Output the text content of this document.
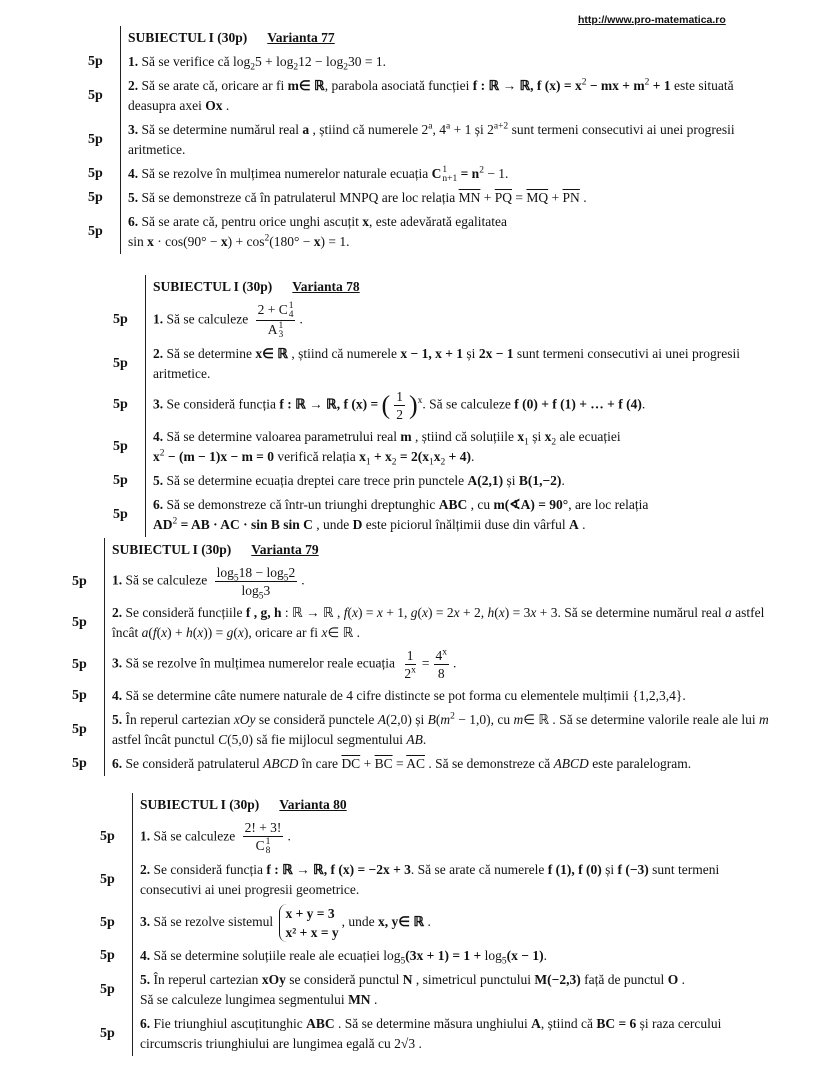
http://www.pro-matematica.ro
SUBIECTUL I (30p) Varianta 77
5p	1. Să se verifice că $\log_25 + \log_212 - \log_230 = 1$.
5p
2. Să se arate că, oricare ar fi m∈ ℝ, parabola asociată funcției f : ℝ → ℝ, f $(x) = x^2$ − mx + $m^2 + 1$ este situată deasupra axei Ox .
5p
3. Să se determine numărul real a , știind că numerele 2$^a$, $4^a + 1$ și $2^{a+2}$ sunt termeni consecutivi ai unei progresii aritmetice.
5p	4. Să se rezolve în mulțimea numerelor naturale ecuația C 1
$n+1 = n^2 - 1$.
5p	5. Să se demonstreze că în patrulaterul MNPQ are loc relația $\overline{MN} + \overline{PQ} = \overline{MQ} + \overline{PN}$ .
5p
6. Să se arate că, pentru orice unghi ascuțit x, este adevărată egalitatea
$\sin x \cdot \cos(90^\circ - x) + \cos^2(180^\circ - x) = 1$.
SUBIECTUL I (30p) Varianta 78
5p	1. Să se calculeze 2 + C 1
4
A 1
3 .
5p
2. Să se determine x∈ ℝ , știind că numerele x − 1, x + 1 și 2x − 1 sunt termeni consecutivi ai unei progresii aritmetice.
5p	3. Se consideră funcția f : ℝ → ℝ, f (x) = ( $\frac{1}{2} )^x$. Să se calculeze f (0) + f (1) + … + f (4).
5p
4. Să se determine valoarea parametrului real m , știind că soluțiile $x_1$ și $x_2$ ale ecuației
$x^2 - (m - 1)x - m = 0$ verifică relația $x_1 + x_2 = 2(x_1x_2 + 4)$.
5p	5. Să se determine ecuația dreptei care trece prin punctele A(2,1) și B(1,−2).
5p
6. Să se demonstreze că într-un triunghi dreptunghic ABC , cu m(∢A) = 90°, are loc relația
$AD^2$ = AB · AC · sin B sin C , unde D este piciorul înălțimii duse din vârful A .
SUBIECTUL I (30p) Varianta 79
5p	1. Să se calculeze $\frac{\log_518 - \log_52}{\log_53}$ .
5p
2. Se consideră funcțiile f , g, h : ℝ → ℝ , f(x) = x + 1, g(x) = 2x + 2, h(x) = 3x + 3. Să se determine numărul real a astfel încât a(f(x) + h(x)) = g(x), oricare ar fi x∈ ℝ .
5p	3. Să se rezolve în mulțimea numerelor reale ecuația $\frac{1}{2^x} = \frac{4^x}{8}$ .
5p	4. Să se determine câte numere naturale de 4 cifre distincte se pot forma cu elementele mulțimii {1,2,3,4}.
5p
5. În reperul cartezian xOy se consideră punctele A(2,0) și $B(m^2 - 1,0)$, cu m∈ ℝ . Să se determine valorile reale ale lui m astfel încât punctul C(5,0) să fie mijlocul segmentului AB.
5p	6. Se consideră patrulaterul ABCD în care $\overline{DC} + \overline{BC} = \overline{AC}$ . Să se demonstreze că ABCD este paralelogram.
SUBIECTUL I (30p) Varianta 80
5p	1. Să se calculeze 2! + 3!
C 1
8 .
5p
2. Se consideră funcția f : ℝ → ℝ, f (x) = −2x + 3. Să se arate că numerele f (1), f (0) și f (−3) sunt termeni consecutivi ai unei progresii geometrice.
5p	3. Să se rezolve sistemul
x + y = 3
x² + x = y
, unde x, y∈ ℝ .
5p	4. Să se determine soluțiile reale ale ecuației $\log_5(3x + 1) = 1 + \log_5(x - 1)$.
5p
5. În reperul cartezian xOy se consideră punctul N , simetricul punctului M(−2,3) față de punctul O .
Să se calculeze lungimea segmentului MN .
5p
6. Fie triunghiul ascuțitunghic ABC . Să se determine măsura unghiului A, știind că BC = 6 și raza cercului circumscris triunghiului are lungimea egală cu 2√3 .
